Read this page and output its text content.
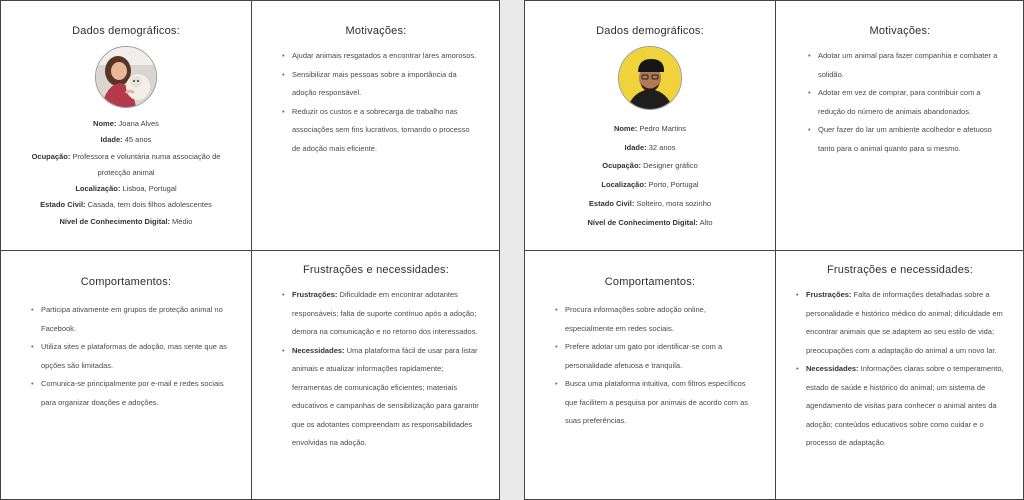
Dados demográficos:

Nome: Joana Alves
Idade: 45 anos
Ocupação: Professora e voluntária numa associação de protecção animal
Localização: Lisboa, Portugal
Estado Civil: Casada, tem dois filhos adolescentes
Nível de Conhecimento Digital: Médio

Motivações:

• Ajudar animais resgatados a encontrar lares amorosos.
• Sensibilizar mais pessoas sobre a importância da adoção responsável.
• Reduzir os custos e a sobrecarga de trabalho nas associações sem fins lucrativos, tornando o processo de adoção mais eficiente.

Comportamentos:

• Participa ativamente em grupos de proteção animal no Facebook.
• Utiliza sites e plataformas de adoção, mas sente que as opções são limitadas.
• Comunica-se principalmente por e-mail e redes sociais para organizar doações e adoções.

Frustrações e necessidades:

• Frustrações: Dificuldade em encontrar adotantes responsáveis; falta de suporte contínuo após a adoção; demora na comunicação e no retorno dos interessados.
• Necessidades: Uma plataforma fácil de usar para listar animais e atualizar informações rapidamente; ferramentas de comunicação eficientes; materiais educativos e campanhas de sensibilização para garantir que os adotantes compreendam as responsabilidades envolvidas na adoção.

Dados demográficos:

Nome: Pedro Martins
Idade: 32 anos
Ocupação: Designer gráfico
Localização: Porto, Portugal
Estado Civil: Solteiro, mora sozinho
Nível de Conhecimento Digital: Alto

Motivações:

• Adotar um animal para fazer companhia e combater a solidão.
• Adotar em vez de comprar, para contribuir com a redução do número de animais abandonados.
• Quer fazer do lar um ambiente acolhedor e afetuoso tanto para o animal quanto para si mesmo.

Comportamentos:

• Procura informações sobre adoção online, especialmente em redes sociais.
• Prefere adotar um gato por identificar-se com a personalidade afetuosa e tranquila.
• Busca uma plataforma intuitiva, com filtros específicos que facilitem a pesquisa por animais de acordo com as suas preferências.

Frustrações e necessidades:

• Frustrações: Falta de informações detalhadas sobre a personalidade e histórico médico do animal; dificuldade em encontrar animais que se adaptem ao seu estilo de vida; preocupações com a adaptação do animal a um novo lar.
• Necessidades: Informações claras sobre o temperamento, estado de saúde e histórico do animal; um sistema de agendamento de visitas para conhecer o animal antes da adoção; conteúdos educativos sobre como cuidar e o processo de adaptação.
